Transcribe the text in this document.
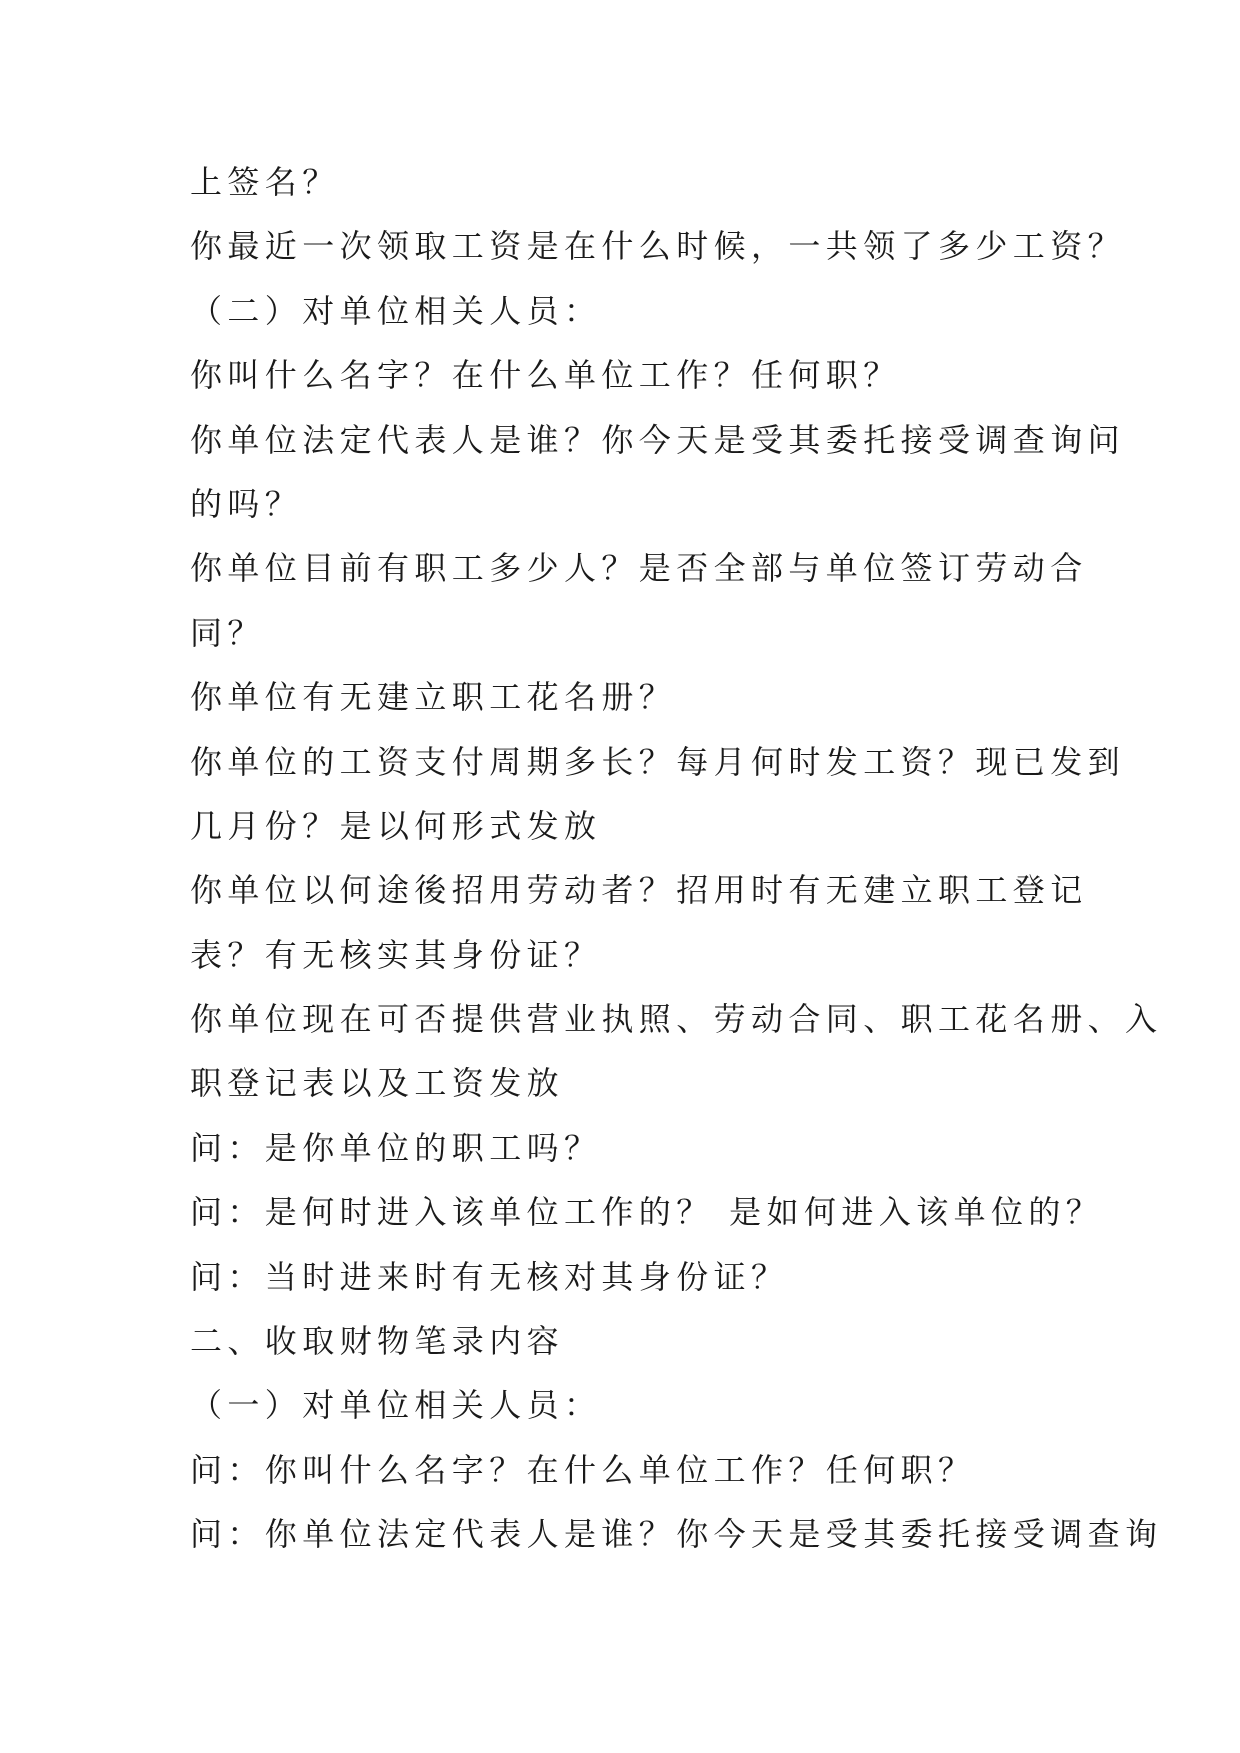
上签名？

你最近一次领取工资是在什么时候，一共领了多少工资？

（二）对单位相关人员：

你叫什么名字？在什么单位工作？任何职？

你单位法定代表人是谁？你今天是受其委托接受调查询问

的吗？

你单位目前有职工多少人？是否全部与单位签订劳动合

同？

你单位有无建立职工花名册？

你单位的工资支付周期多长？每月何时发工资？现已发到

几月份？是以何形式发放

你单位以何途後招用劳动者？招用时有无建立职工登记

表？有无核实其身份证？

你单位现在可否提供营业执照、劳动合同、职工花名册、入

职登记表以及工资发放

问：是你单位的职工吗？

问：是何时进入该单位工作的？ 是如何进入该单位的？

问：当时进来时有无核对其身份证？

二、收取财物笔录内容

（一）对单位相关人员：

问：你叫什么名字？在什么单位工作？任何职？

问：你单位法定代表人是谁？你今天是受其委托接受调查询
